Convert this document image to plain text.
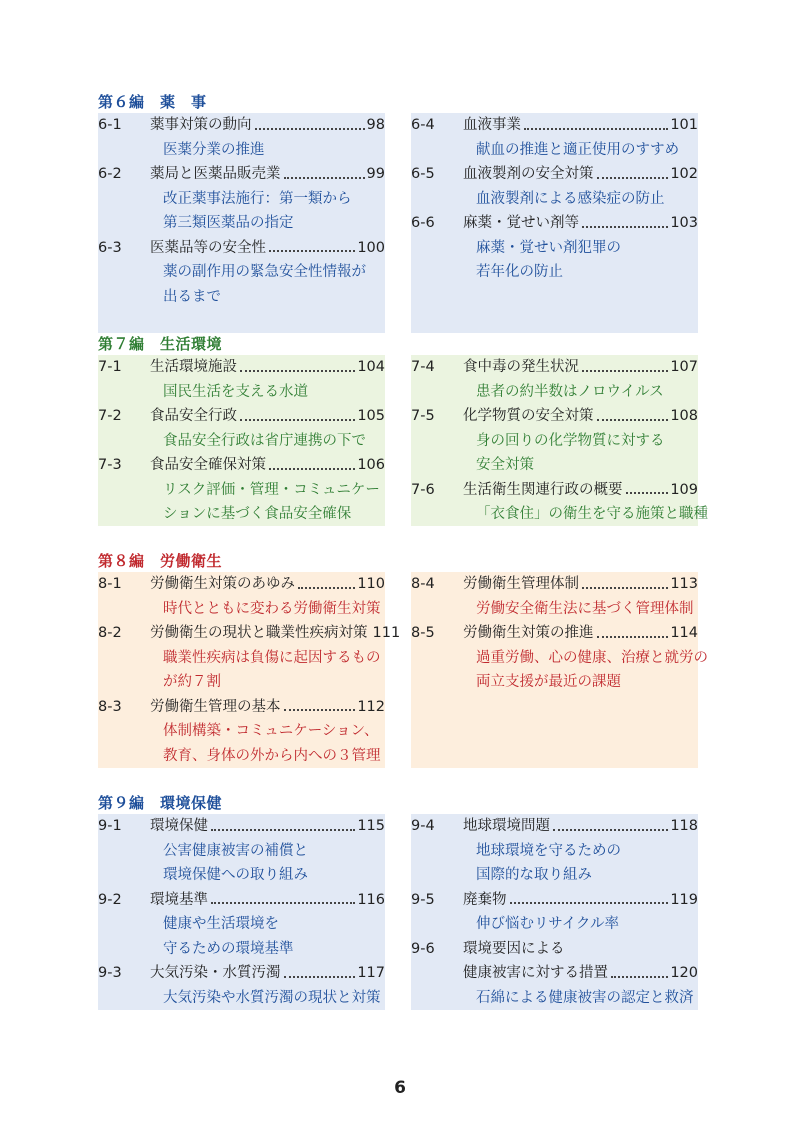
第６編　薬　事
6-1	薬事対策の動向	98
医薬分業の推進
6-2	薬局と医薬品販売業	99
改正薬事法施行：第一類から
第三類医薬品の指定
6-3	医薬品等の安全性	100
薬の副作用の緊急安全性情報が
出るまで
6-4	血液事業	101
献血の推進と適正使用のすすめ
6-5	血液製剤の安全対策	102
血液製剤による感染症の防止
6-6	麻薬・覚せい剤等	103
麻薬・覚せい剤犯罪の
若年化の防止
第７編　生活環境
7-1	生活環境施設	104
国民生活を支える水道
7-2	食品安全行政	105
食品安全行政は省庁連携の下で
7-3	食品安全確保対策	106
リスク評価・管理・コミュニケー
ションに基づく食品安全確保
7-4	食中毒の発生状況	107
患者の約半数はノロウイルス
7-5	化学物質の安全対策	108
身の回りの化学物質に対する
安全対策
7-6	生活衛生関連行政の概要	109
「衣食住」の衛生を守る施策と職種
第８編　労働衛生
8-1	労働衛生対策のあゆみ	110
時代とともに変わる労働衛生対策
8-2	労働衛生の現状と職業性疾病対策 111
職業性疾病は負傷に起因するもの
が約７割
8-3	労働衛生管理の基本	112
体制構築・コミュニケーション、
教育、身体の外から内への３管理
8-4	労働衛生管理体制	113
労働安全衛生法に基づく管理体制
8-5	労働衛生対策の推進	114
過重労働、心の健康、治療と就労の
両立支援が最近の課題
第９編　環境保健
9-1	環境保健	115
公害健康被害の補償と
環境保健への取り組み
9-2	環境基準	116
健康や生活環境を
守るための環境基準
9-3	大気汚染・水質汚濁	117
大気汚染や水質汚濁の現状と対策
9-4	地球環境問題	118
地球環境を守るための
国際的な取り組み
9-5	廃棄物	119
伸び悩むリサイクル率
9-6	環境要因による
健康被害に対する措置	120
石綿による健康被害の認定と救済
6
